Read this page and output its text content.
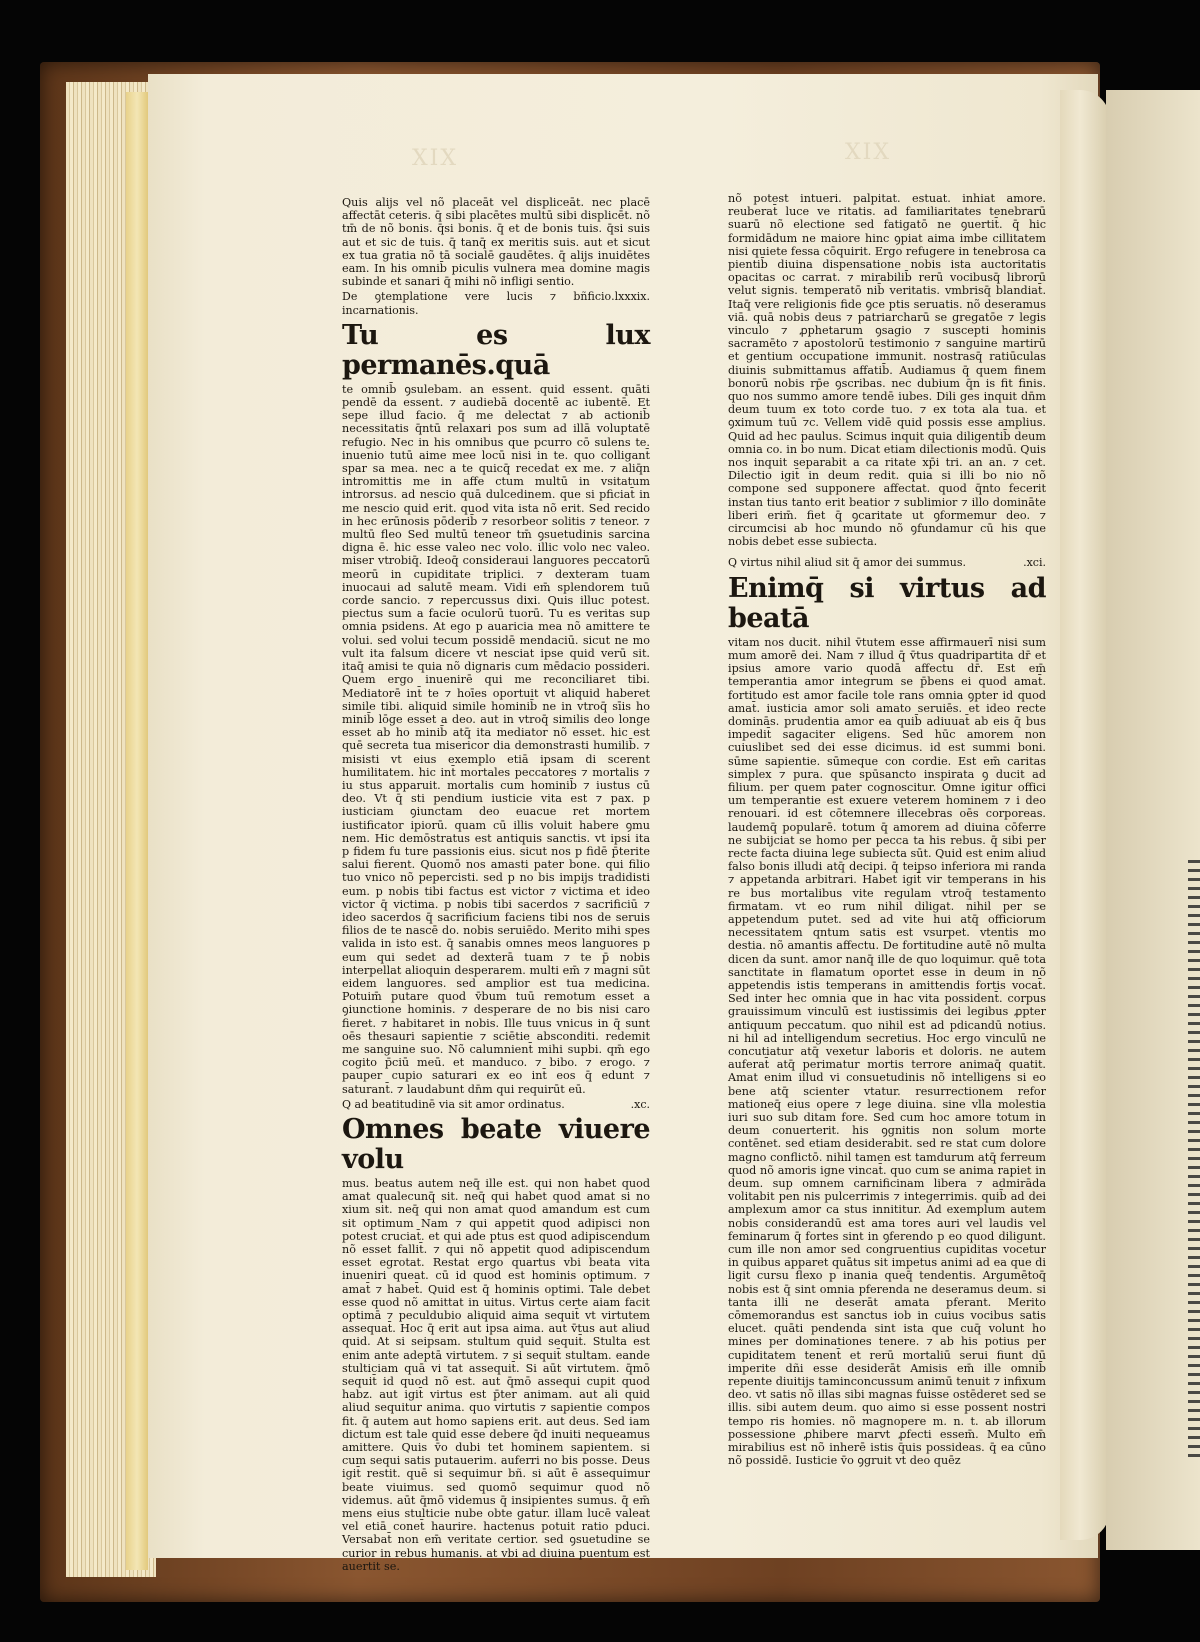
XIX	XIX

Quis alijs vel nõ placeāt vel displiceāt. nec placē affectāt ceteris. q̄ sibi placētes multū sibi displicēt. nõ tm̄ de nõ bonis. q̄si bonis. q̄ et de bonis tuis. q̄si suis aut et sic de tuis. q̄ tanq̄ ex meritis suis. aut et sicut ex tua gratia nõ tā socialē gaudētes. q̄ alijs inuidētes eam. In his omnib̄ piculis vulnera mea domine magis subinde et sanari q̄ mihi nõ infligi sentio.

De ꝯtemplatione vere lucis ⁊ bñficio incarnationis.
.lxxxix.
Tu es lux permanēs.quā

te omnib̄ ꝯsulebam. an essent. quid essent. quāti pendē da essent. ⁊ audiebā docentē ac iubentē. Et sepe illud facio. q̄ me delectat ⁊ ab actionib̄ necessitatis q̄ntū relaxari pos sum ad illā voluptatē refugio. Nec in his omnibus que pcurro cō sulens te. inuenio tutū aime mee locū nisi in te. quo colligant̄ spar sa mea. nec a te quicq̄ recedat ex me. ⁊ aliq̄n intromittis me in affe ctum multū in vsitatum introrsus. ad nescio quā dulcedinem. que si pficiat̄ in me nescio quid erit. quod vita ista nõ erit. Sed recido in hec erūnosis pōderib̄ ⁊ resorbeor solitis ⁊ teneor. ⁊ multū fleo Sed multū teneor tm̄ ꝯsuetudinis sarcina digna ē. hic esse valeo nec volo. illic volo nec valeo. miser vtrobiq̄. Ideoq̄ consideraui languores peccatorū meorū in cupiditate triplici. ⁊ dexteram tuam inuocaui ad salutē meam. Vidi em̄ splendorem tuū corde sancio. ⁊ repercussus dixi. Quis illuc potest. piectus sum a facie oculorū tuorū. Tu es veritas sup omnia psidens. At ego p auaricia mea nõ amittere te volui. sed volui tecum possidē mendaciū. sicut ne mo vult ita falsum dicere vt nesciat ipse quid verū sit. itaq̄ amisi te quia nõ dignaris cum mēdacio possideri. Quem ergo inuenirē qui me reconciliaret tibi. Mediatorē int̄ te ⁊ hoīes oportuit vt aliquid haberet simile tibi. aliquid simile hominib̄ ne in vtroq̄ sīis ho minib̄ lōge esset a deo. aut in vtroq̄ similis deo longe esset ab ho minib̄ atq̄ ita mediator nõ esset. hic est quē secreta tua misericor dia demonstrasti humilib̄. ⁊ misisti vt eius exemplo etiā ipsam di scerent humilitatem. hic int̄ mortales peccatores ⁊ mortalis ⁊ iu stus apparuit. mortalis cum hominib̄ ⁊ iustus cū deo. Vt q̄ sti pendium iusticie vita est ⁊ pax. p iusticiam ꝯiunctam deo euacue ret mortem iustificator ipiorū. quam cū illis voluit habere ꝯmu nem. Hic demōstratus est antiquis sanctis. vt ipsi ita p fidem fu ture passionis eius. sicut nos p fidē p̄terite salui fierent. Quomō nos amasti pater bone. qui filio tuo vnico nõ pepercisti. sed p no bis impijs tradidisti eum. p nobis tibi factus est victor ⁊ victima et ideo victor q̄ victima. p nobis tibi sacerdos ⁊ sacrificiū ⁊ ideo sacerdos q̄ sacrificium faciens tibi nos de seruis filios de te nascē do. nobis seruiēdo. Merito mihi spes valida in isto est. q̄ sanabis omnes meos languores p eum qui sedet ad dexterā tuam ⁊ te p̄ nobis interpellat alioquin desperarem. multi em̄ ⁊ magni sūt eidem languores. sed amplior est tua medicina. Potuim̄ putare quod v̄bum tuū remotum esset a ꝯiunctione hominis. ⁊ desperare de no bis nisi caro fieret. ⁊ habitaret in nobis. Ille tuus vnicus in q̄ sunt oēs thesauri sapientie ⁊ sciētie absconditi. redemit me sanguine suo. Nõ calumnient̄ mihi supbi. qm̄ ego cogito p̄ciū meū. et manduco. ⁊ bibo. ⁊ erogo. ⁊ pauper cupio saturari ex eo int̄ eos q̄ edunt ⁊ saturant̄. ⁊ laudabunt dn̄m qui requirūt eū.

Q ad beatitudinē via sit amor ordinatus.	.xc.
Omnes beate viuere volu

mus. beatus autem neq̄ ille est. qui non habet quod amat qualecunq̄ sit. neq̄ qui habet quod amat si no xium sit. neq̄ qui non amat quod amandum est cum sit optimum Nam ⁊ qui appetit quod adipisci non potest cruciat̄. et qui ade ptus est quod adipiscendum nõ esset fallit̄. ⁊ qui nõ appetit quod adipiscendum esset egrotat. Restat ergo quartus vbi beata vita inueniri queat. cū id quod est hominis optimum. ⁊ amat̄ ⁊ habet̄. Quid est q̄ hominis optimi. Tale debet esse quod nõ amittat in uitus. Virtus certe aiam facit optimā ⁊ peculdubio aliquid aima sequit̄ vt virtutem assequat̄. Hoc q̄ erit aut ipsa aima. aut v̄tus aut aliud quid. At si seipsam. stultum quid sequit̄. Stulta est enim ante adeptā virtutem. ⁊ si sequit̄ stultam. eande stulticiam quā vi tat assequit̄. Si aūt virtutem. q̄mō sequit̄ id quod nõ est. aut q̄mō assequi cupit quod habz. aut igit̄ virtus est p̄ter animam. aut ali quid aliud sequitur anima. quo virtutis ⁊ sapientie compos fit. q̄ autem aut homo sapiens erit. aut deus. Sed iam dictum est tale quid esse debere q̄d inuiti nequeamus amittere. Quis v̄o dubi tet hominem sapientem. si cum sequi satis putauerim. auferri no bis posse. Deus igit̄ restit. quē si sequimur bñ. si aūt ē assequimur beate viuimus. sed quomō sequimur quod nõ videmus. aūt q̄mō videmus q̄ insipientes sumus. q̄ em̄ mens eius stulticie nube obte gatur. illam lucē valeat vel etiā conet̄ haurire. hactenus potuit ratio pduci. Versabat̄ non em̄ veritate certior. sed ꝯsuetudine se curior in rebus humanis. at vbi ad diuina puentum est auertit se.

nõ potest intueri. palpitat. estuat. inhiat amore. reuberat̄ luce ve ritatis. ad familiaritates tenebrarū suarū nõ electione sed fatigatō ne ꝯuertit̄. q̄ hic formidādum ne maiore hinc ꝯpiat aima imbe cillitatem nisi quiete fessa cōquirit. Ergo refugere in tenebrosa ca pientib̄ diuina dispensatione nobis ista auctoritatis opacitas oc carrat. ⁊ mirabilib̄ rerū vocibusq̄ librorū velut signis. temperatō nib̄ veritatis. vmbrisq̄ blandiat̄. Itaq̄ vere religionis fide ꝯce ptis seruatis. nõ deseramus viā. quā nobis deus ⁊ patriarcharū se gregatōe ⁊ legis vinculo ⁊ ꝓphetarum ꝯsagio ⁊ suscepti hominis sacramēto ⁊ apostolorū testimonio ⁊ sanguine martirū et gentium occupatione immunit. nostrasq̄ ratiūculas diuinis submittamus affatib̄. Audiamus q̄ quem finem bonorū nobis rp̄e ꝯscribas. nec dubium q̄n is fit finis. quo nos summo amore tendē iubes. Dili ges inquit dn̄m deum tuum ex toto corde tuo. ⁊ ex tota ala tua. et ꝯximum tuū ⁊c. Vellem vidē quid possis esse amplius. Quid ad hec paulus. Scimus inquit quia diligentib̄ deum omnia co. in bo num. Dicat etiam dilectionis modū. Quis nos inquit separabit a ca ritate xp̄i tri. an an. ⁊ cet. Dilectio igit̄ in deum redit. quia si illi bo nio nõ compone sed supponere affectat. quod q̄nto fecerit instan tius tanto erit beatior ⁊ sublimior ⁊ illo domināte liberi erim̄. fiet q̄ ꝯcaritate ut ꝯformemur deo. ⁊ circumcisi ab hoc mundo nõ ꝯfundamur cū his que nobis debet esse subiecta.

Q virtus nihil aliud sit q̄ amor dei summus.	.xci.
Enimq̄ si virtus ad beatā

vitam nos ducit. nihil v̄tutem esse affirmauerī nisi sum mum amorē dei. Nam ⁊ illud q̄ v̄tus quadripartita dr̄ et ipsius amore vario quodā affectu dr̄. Est em̄ temperantia amor integrum se p̄bens ei quod amat̄. fortitudo est amor facile tole rans omnia ꝯpter id quod amat̄. iusticia amor soli amato seruiēs. et ideo recte dominās. prudentia amor ea quib̄ adiuuat̄ ab eis q̄ bus impedit̄ sagaciter eligens. Sed hūc amorem non cuiuslibet sed dei esse dicimus. id est summi boni. sūme sapientie. sūmeque con cordie. Est em̄ caritas simplex ⁊ pura. que spūsancto inspirata ꝯ ducit ad filium. per quem pater cognoscitur. Omne igitur offici um temperantie est exuere veterem hominem ⁊ i deo renouari. id est cōtemnere illecebras oēs corporeas. laudemq̄ popularē. totum q̄ amorem ad diuina cōferre ne subijciat se homo per pecca ta his rebus. q̄ sibi per recte facta diuina lege subiecta sūt. Quid est enim aliud falso bonis illudi atq̄ decipi. q̄ teipso inferiora mi randa ⁊ appetanda arbitrari. Habet igit̄ vir temperans in his re bus mortalibus vite regulam vtroq̄ testamento firmatam. vt eo rum nihil diligat. nihil per se appetendum putet. sed ad vite hui atq̄ officiorum necessitatem qntum satis est vsurpet. vtentis mo destia. nõ amantis affectu. De fortitudine autē nõ multa dicen da sunt. amor nanq̄ ille de quo loquimur. quē tota sanctitate in flamatum oportet esse in deum in nõ appetendis istis temperans in amittendis fortis vocat̄. Sed inter hec omnia que in hac vita possident̄. corpus grauissimum vinculū est iustissimis dei legibus ꝓpter antiquum peccatum. quo nihil est ad pdicandū notius. ni hil ad intelligendum secretius. Hoc ergo vinculū ne concutiatur atq̄ vexetur laboris et doloris. ne autem auferat̄ atq̄ perimatur mortis terrore animaq̄ quatit. Amat enim illud vi consuetudinis nõ intelligens si eo bene atq̄ scienter vtatur. resurrectionem refor mationeq̄ eius opere ⁊ lege diuina. sine vlla molestia iuri suo sub ditam fore. Sed cum hoc amore totum in deum conuerterit. his ꝯgnitis non solum morte contēnet. sed etiam desiderabit. sed re stat cum dolore magno conflictō. nihil tamen est tamdurum atq̄ ferreum quod nõ amoris igne vincat̄. quo cum se anima rapiet in deum. sup omnem carnificinam libera ⁊ admirāda volitabit pen nis pulcerrimis ⁊ integerrimis. quib̄ ad dei amplexum amor ca stus innititur. Ad exemplum autem nobis considerandū est ama tores auri vel laudis vel feminarum q̄ fortes sint in ꝯferendo p eo quod diligunt. cum ille non amor sed congruentius cupiditas vocetur in quibus apparet quātus sit impetus animi ad ea que di ligit cursu flexo p inania queq̄ tendentis. Argumētoq̄ nobis est q̄ sint omnia pferenda ne deseramus deum. si tanta illi ne deserāt amata pferant. Merito cōmemorandus est sanctus iob in cuius vocibus satis elucet. quāti pendenda sint ista que cuq̄ volunt ho mines per dominationes tenere. ⁊ ab his potius per cupiditatem tenent̄ et rerū mortaliū serui fiunt dū imperite dñi esse desiderāt Amisis em̄ ille omnib̄ repente diuitijs taminconcussum animū tenuit ⁊ infixum deo. vt satis nõ illas sibi magnas fuisse ostēderet sed se illis. sibi autem deum. quo aimo si esse possent nostri tempo ris homies. nõ magnopere m. n. t. ab illorum possessione ꝓhibere marvt ꝓfecti essem̄. Multo em̄ mirabilius est nõ inherē istis q̄uis possideas. q̄ ea cūno nõ possidē. Iusticie v̄o ꝯgruit vt deo quēz
